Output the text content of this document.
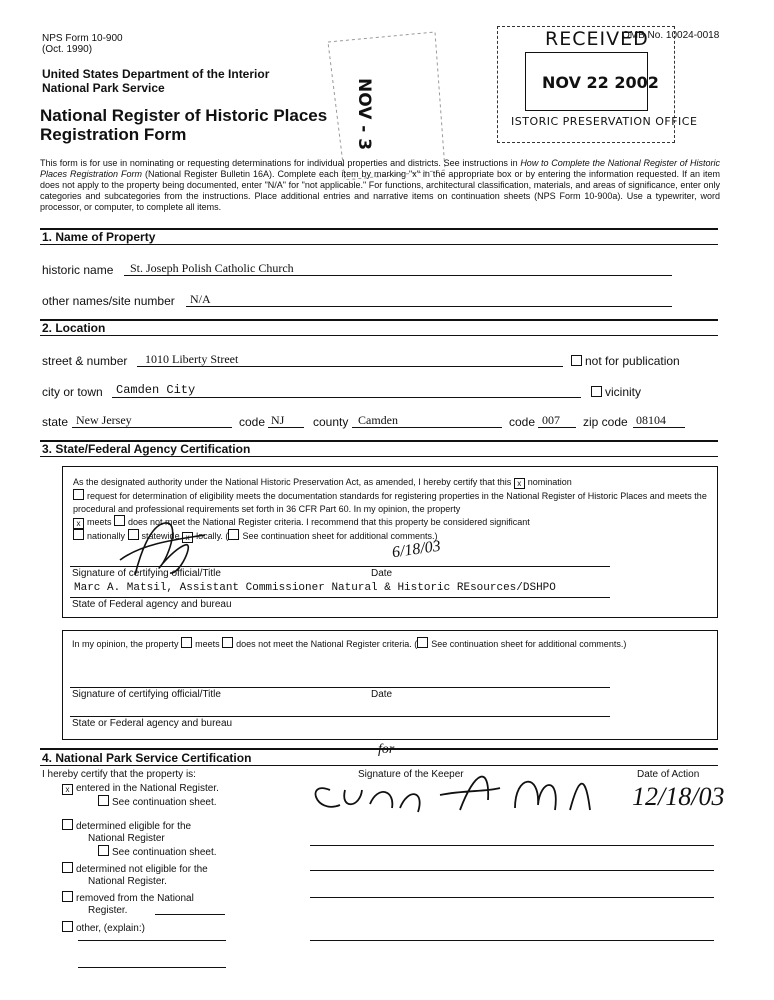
NPS Form 10-900
(Oct. 1990)
OMB No. 10024-0018
United States Department of the Interior
National Park Service
National Register of Historic Places
Registration Form
RECEIVED
NOV 22 2002
ISTORIC PRESERVATION OFFICE
NOV - 3
This form is for use in nominating or requesting determinations for individual properties and districts. See instructions in How to Complete the National Register of Historic Places Registration Form (National Register Bulletin 16A). Complete each item by marking "x" in the appropriate box or by entering the information requested. If an item does not apply to the property being documented, enter "N/A" for "not applicable." For functions, architectural classification, materials, and areas of significance, enter only categories and subcategories from the instructions. Place additional entries and narrative items on continuation sheets (NPS Form 10-900a). Use a typewriter, word processor, or computer, to complete all items.
1. Name of Property
historic name St. Joseph Polish Catholic Church
other names/site number N/A
2. Location
street & number 1010 Liberty Street	not for publication
city or town Camden City	vicinity
state New Jersey	code NJ county Camden	code 007 zip code 08104
3. State/Federal Agency Certification
As the designated authority under the National Historic Preservation Act, as amended, I hereby certify that this x nomination
request for determination of eligibility meets the documentation standards for registering properties in the National Register of Historic Places and meets the procedural and professional requirements set forth in 36 CFR Part 60. In my opinion, the property
x meets does not meet the National Register criteria. I recommend that this property be considered significant
nationally statewide x locally. ( See continuation sheet for additional comments.)
6/18/03
Signature of certifying official/Title	Date
Marc A. Matsil, Assistant Commissioner Natural & Historic REsources/DSHPO
State of Federal agency and bureau
In my opinion, the property meets does not meet the National Register criteria. ( See continuation sheet for additional comments.)
Signature of certifying official/Title	Date
State or Federal agency and bureau
4. National Park Service Certification
I hereby certify that the property is:	Signature of the Keeper	Date of Action
for
12/18/03
x entered in the National Register.
See continuation sheet.
determined eligible for the
National Register
See continuation sheet.
determined not eligible for the
National Register.
removed from the National
Register.
other, (explain:)
